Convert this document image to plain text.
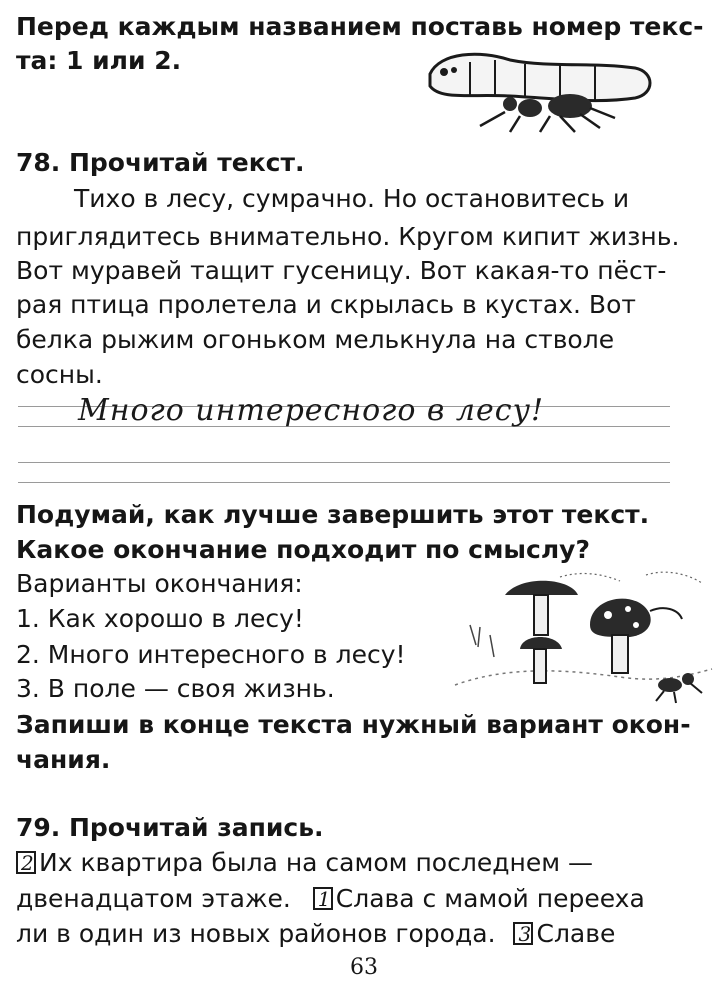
Перед каждым названием поставь номер текс-
та: 1 или 2.
78. Прочитай текст.
Тихо в лесу, сумрачно. Но остановитесь и
приглядитесь внимательно. Кругом кипит жизнь.
Вот муравей тащит гусеницу. Вот какая-то пёст-
рая птица пролетела и скрылась в кустах. Вот
белка рыжим огоньком мелькнула на стволе
сосны.
Много интересного в лесу!
Подумай, как лучше завершить этот текст.
Какое окончание подходит по смыслу?
Варианты окончания:
1. Как хорошо в лесу!
2. Много интересного в лесу!
3. В поле — своя жизнь.
Запиши в конце текста нужный вариант окон-
чания.
79. Прочитай запись.
2 Их квартира была на самом последнем —
двенадцатом этаже. 1 Слава с мамой переexa
ли в один из новых районов города. 3 Славе
63
